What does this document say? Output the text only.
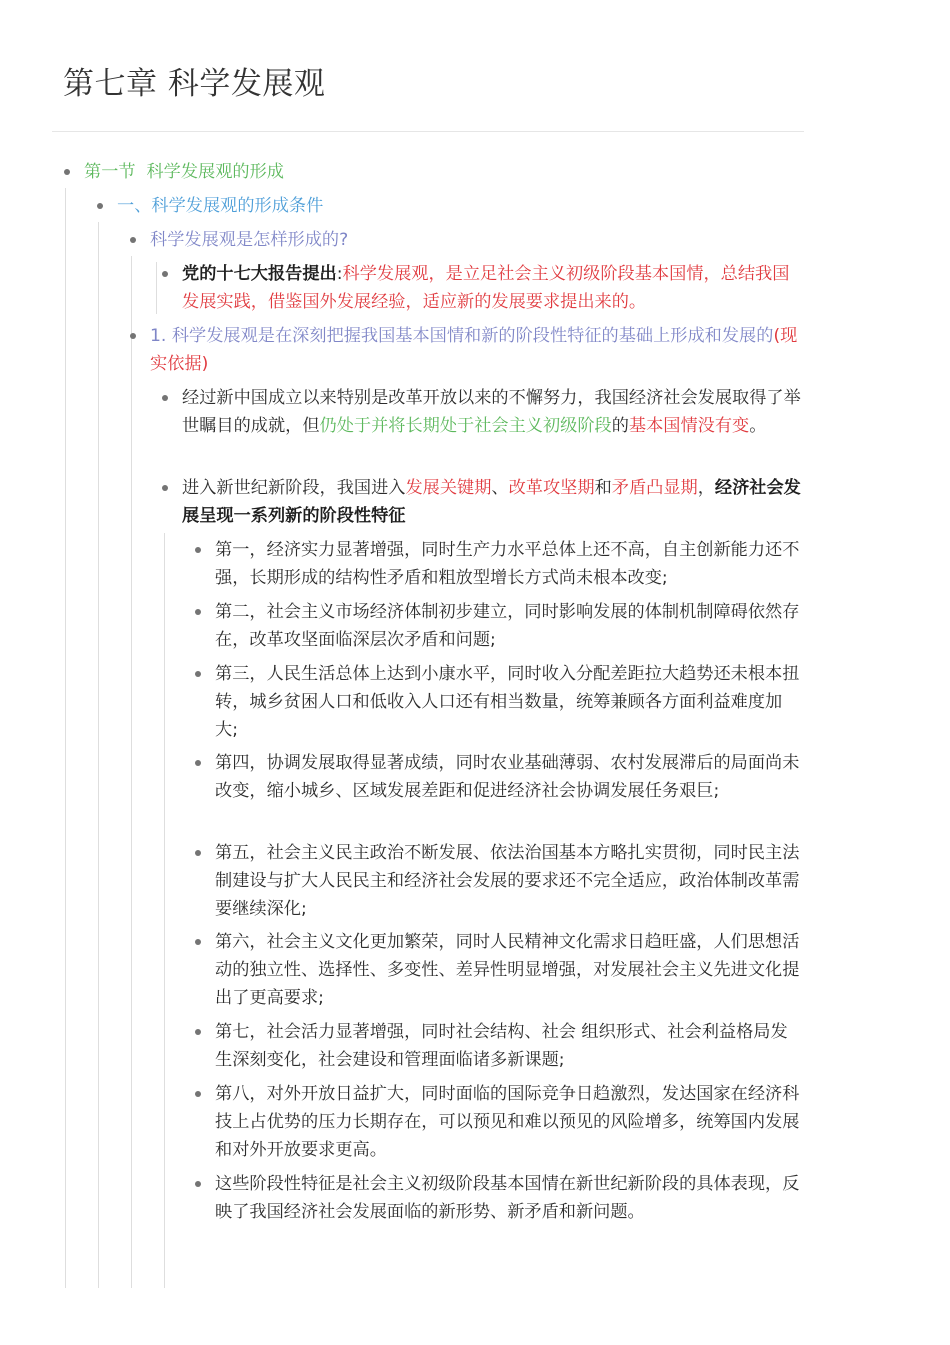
第七章 科学发展观
第一节  科学发展观的形成
一、科学发展观的形成条件
科学发展观是怎样形成的?
党的十七大报告提出:科学发展观，是立足社会主义初级阶段基本国情，总结我国发展实践，借鉴国外发展经验，适应新的发展要求提出来的。
1. 科学发展观是在深刻把握我国基本国情和新的阶段性特征的基础上形成和发展的(现实依据)
经过新中国成立以来特别是改革开放以来的不懈努力，我国经济社会发展取得了举世瞩目的成就，但仍处于并将长期处于社会主义初级阶段的基本国情没有变。
进入新世纪新阶段，我国进入发展关键期、改革攻坚期和矛盾凸显期，经济社会发展呈现一系列新的阶段性特征
第一，经济实力显著增强，同时生产力水平总体上还不高，自主创新能力还不强，长期形成的结构性矛盾和粗放型增长方式尚未根本改变;
第二，社会主义市场经济体制初步建立，同时影响发展的体制机制障碍依然存在，改革攻坚面临深层次矛盾和问题;
第三，人民生活总体上达到小康水平，同时收入分配差距拉大趋势还未根本扭转，城乡贫困人口和低收入人口还有相当数量，统筹兼顾各方面利益难度加大;
第四，协调发展取得显著成绩，同时农业基础薄弱、农村发展滞后的局面尚未改变，缩小城乡、区域发展差距和促进经济社会协调发展任务艰巨;
第五，社会主义民主政治不断发展、依法治国基本方略扎实贯彻，同时民主法制建设与扩大人民民主和经济社会发展的要求还不完全适应，政治体制改革需要继续深化;
第六，社会主义文化更加繁荣，同时人民精神文化需求日趋旺盛，人们思想活动的独立性、选择性、多变性、差异性明显增强，对发展社会主义先进文化提出了更高要求;
第七，社会活力显著增强，同时社会结构、社会 组织形式、社会利益格局发生深刻变化，社会建设和管理面临诸多新课题;
第八，对外开放日益扩大，同时面临的国际竞争日趋激烈，发达国家在经济科技上占优势的压力长期存在，可以预见和难以预见的风险增多，统筹国内发展和对外开放要求更高。
这些阶段性特征是社会主义初级阶段基本国情在新世纪新阶段的具体表现，反映了我国经济社会发展面临的新形势、新矛盾和新问题。
